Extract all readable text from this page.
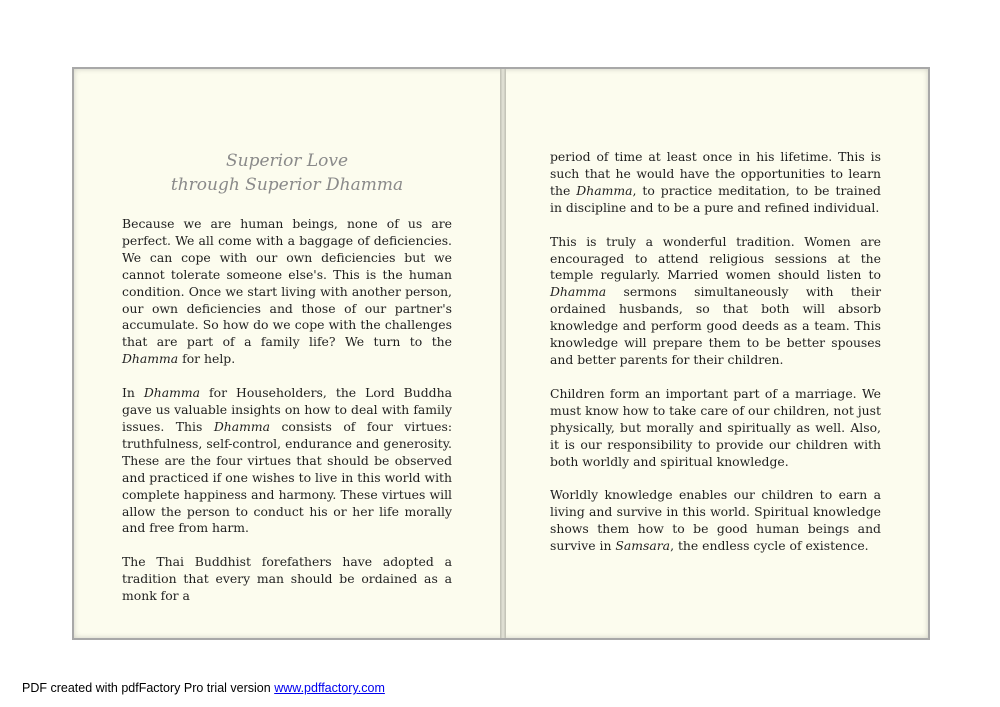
Superior Love
through Superior Dhamma

Because we are human beings, none of us are perfect. We all come with a baggage of deficiencies. We can cope with our own deficiencies but we cannot tolerate someone else's. This is the human condition. Once we start living with another person, our own deficiencies and those of our partner's accumulate. So how do we cope with the challenges that are part of a family life? We turn to the Dhamma for help.

In Dhamma for Householders, the Lord Buddha gave us valuable insights on how to deal with family issues. This Dhamma consists of four virtues: truthfulness, self-control, endurance and generosity. These are the four virtues that should be observed and practiced if one wishes to live in this world with complete happiness and harmony. These virtues will allow the person to conduct his or her life morally and free from harm.

The Thai Buddhist forefathers have adopted a tradition that every man should be ordained as a monk for a

period of time at least once in his lifetime. This is such that he would have the opportunities to learn the Dhamma, to practice meditation, to be trained in discipline and to be a pure and refined individual.

This is truly a wonderful tradition. Women are encouraged to attend religious sessions at the temple regularly. Married women should listen to Dhamma sermons simultaneously with their ordained husbands, so that both will absorb knowledge and perform good deeds as a team. This knowledge will prepare them to be better spouses and better parents for their children.

Children form an important part of a marriage. We must know how to take care of our children, not just physically, but morally and spiritually as well. Also, it is our responsibility to provide our children with both worldly and spiritual knowledge.

Worldly knowledge enables our children to earn a living and survive in this world. Spiritual knowledge shows them how to be good human beings and survive in Samsara, the endless cycle of existence.

PDF created with pdfFactory Pro trial version www.pdffactory.com
